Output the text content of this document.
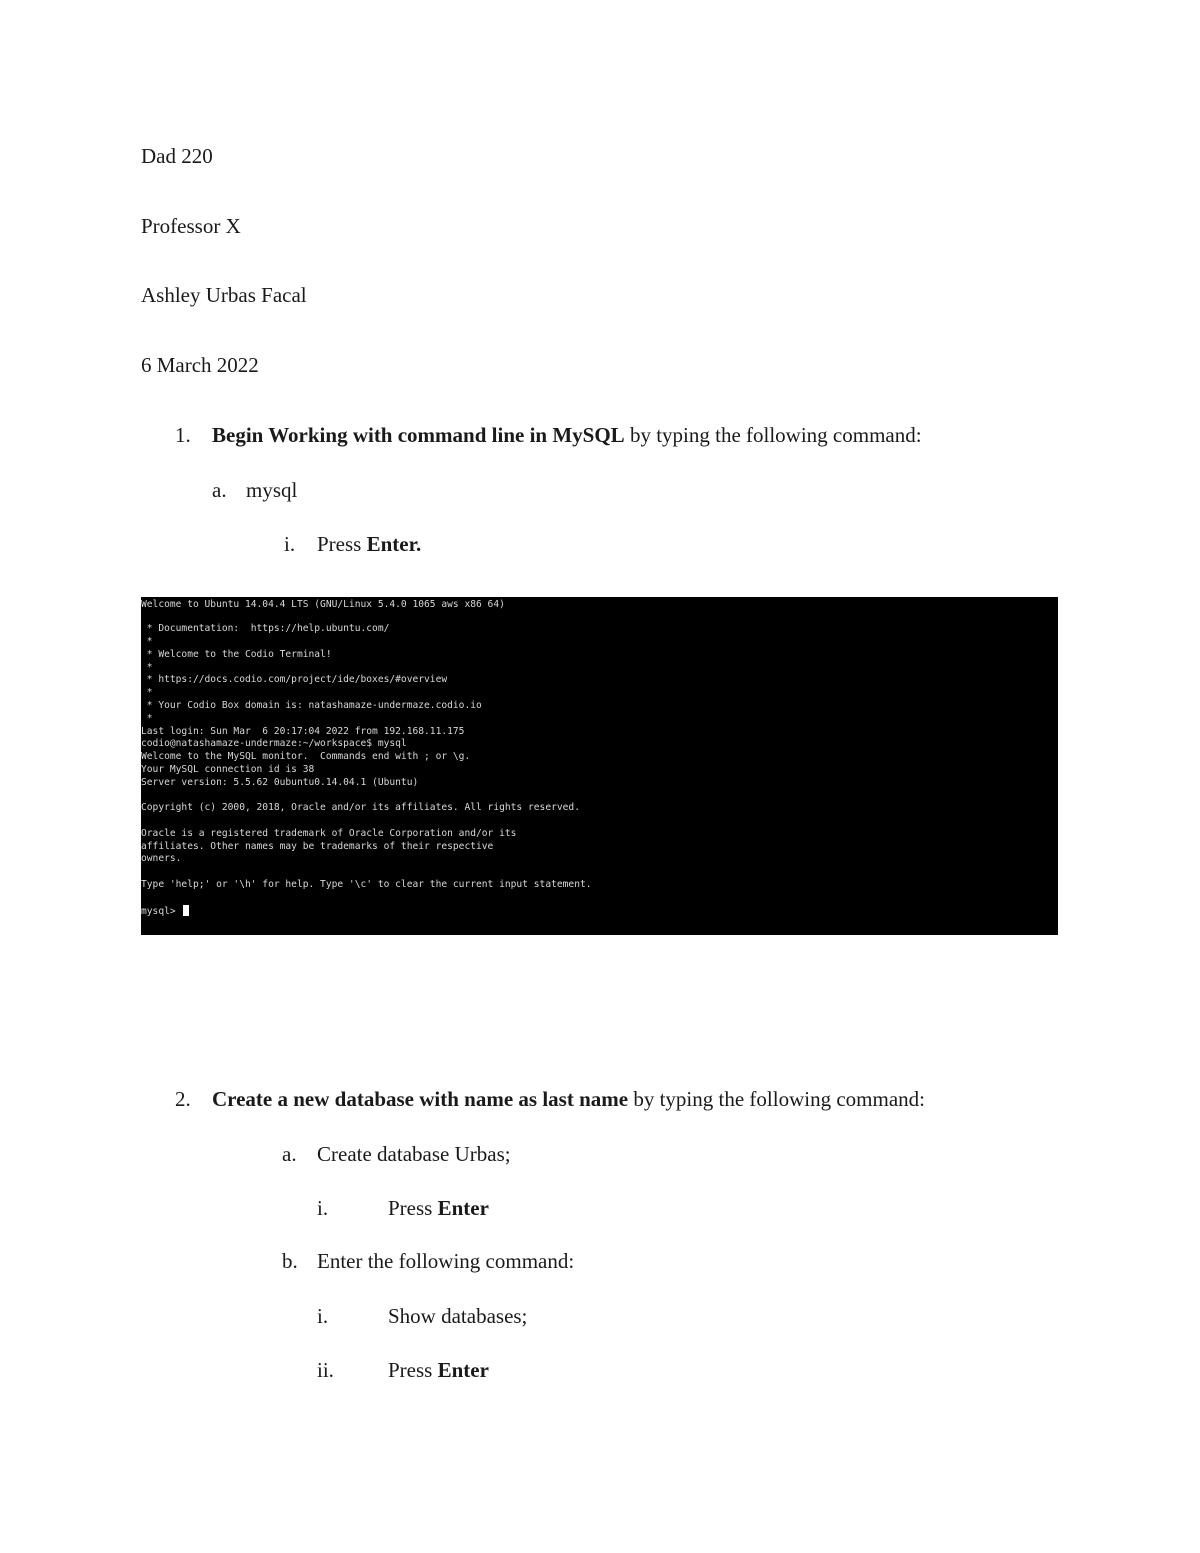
Dad 220
Professor X
Ashley Urbas Facal
6 March 2022
1. Begin Working with command line in MySQL by typing the following command:
a. mysql
i. Press Enter.
Welcome to Ubuntu 14.04.4 LTS (GNU/Linux 5.4.0 1065 aws x86 64)
* Documentation:  https://help.ubuntu.com/
*
* Welcome to the Codio Terminal!
*
* https://docs.codio.com/project/ide/boxes/#overview
*
* Your Codio Box domain is: natashamaze-undermaze.codio.io
*
Last login: Sun Mar  6 20:17:04 2022 from 192.168.11.175
codio@natashamaze-undermaze:~/workspace$ mysql
Welcome to the MySQL monitor.  Commands end with ; or \g.
Your MySQL connection id is 38
Server version: 5.5.62 0ubuntu0.14.04.1 (Ubuntu)
Copyright (c) 2000, 2018, Oracle and/or its affiliates. All rights reserved.
Oracle is a registered trademark of Oracle Corporation and/or its
affiliates. Other names may be trademarks of their respective
owners.
Type 'help;' or '\h' for help. Type '\c' to clear the current input statement.
mysql>
2. Create a new database with name as last name by typing the following command:
a. Create database Urbas;
i.	Press Enter
b. Enter the following command:
i.	Show databases;
ii.	Press Enter
